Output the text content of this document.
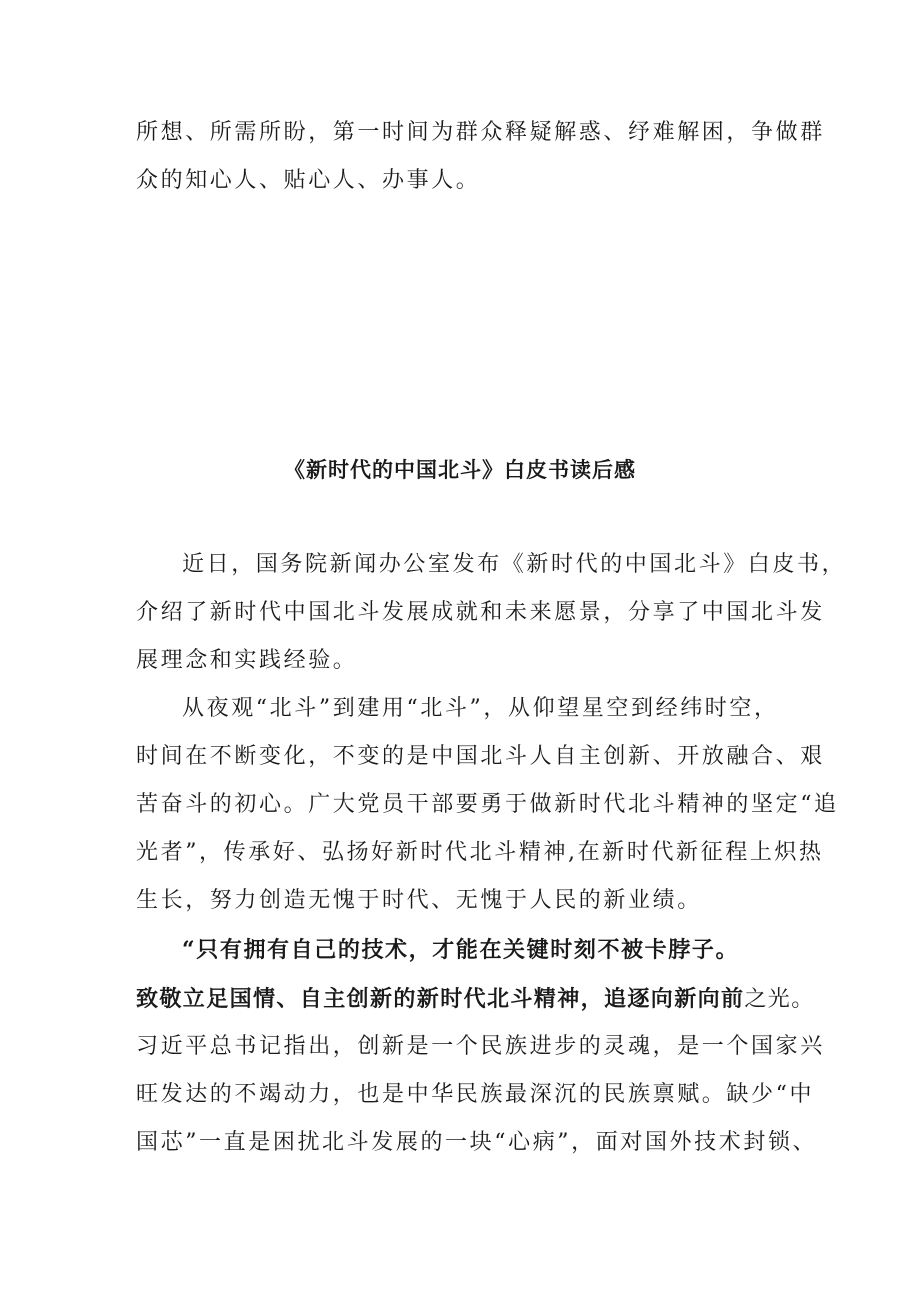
所想、所需所盼，第一时间为群众释疑解惑、纾难解困，争做群
众的知心人、贴心人、办事人。
《新时代的中国北斗》白皮书读后感
近日，国务院新闻办公室发布《新时代的中国北斗》白皮书，
介绍了新时代中国北斗发展成就和未来愿景，分享了中国北斗发
展理念和实践经验。
从夜观“北斗”到建用“北斗”，从仰望星空到经纬时空，
时间在不断变化，不变的是中国北斗人自主创新、开放融合、艰
苦奋斗的初心。广大党员干部要勇于做新时代北斗精神的坚定“追
光者”，传承好、弘扬好新时代北斗精神,在新时代新征程上炽热
生长，努力创造无愧于时代、无愧于人民的新业绩。
“只有拥有自己的技术，才能在关键时刻不被卡脖子。
致敬立足国情、自主创新的新时代北斗精神，追逐向新向前之光。
习近平总书记指出，创新是一个民族进步的灵魂，是一个国家兴
旺发达的不竭动力，也是中华民族最深沉的民族禀赋。缺少“中
国芯”一直是困扰北斗发展的一块“心病”，面对国外技术封锁、
